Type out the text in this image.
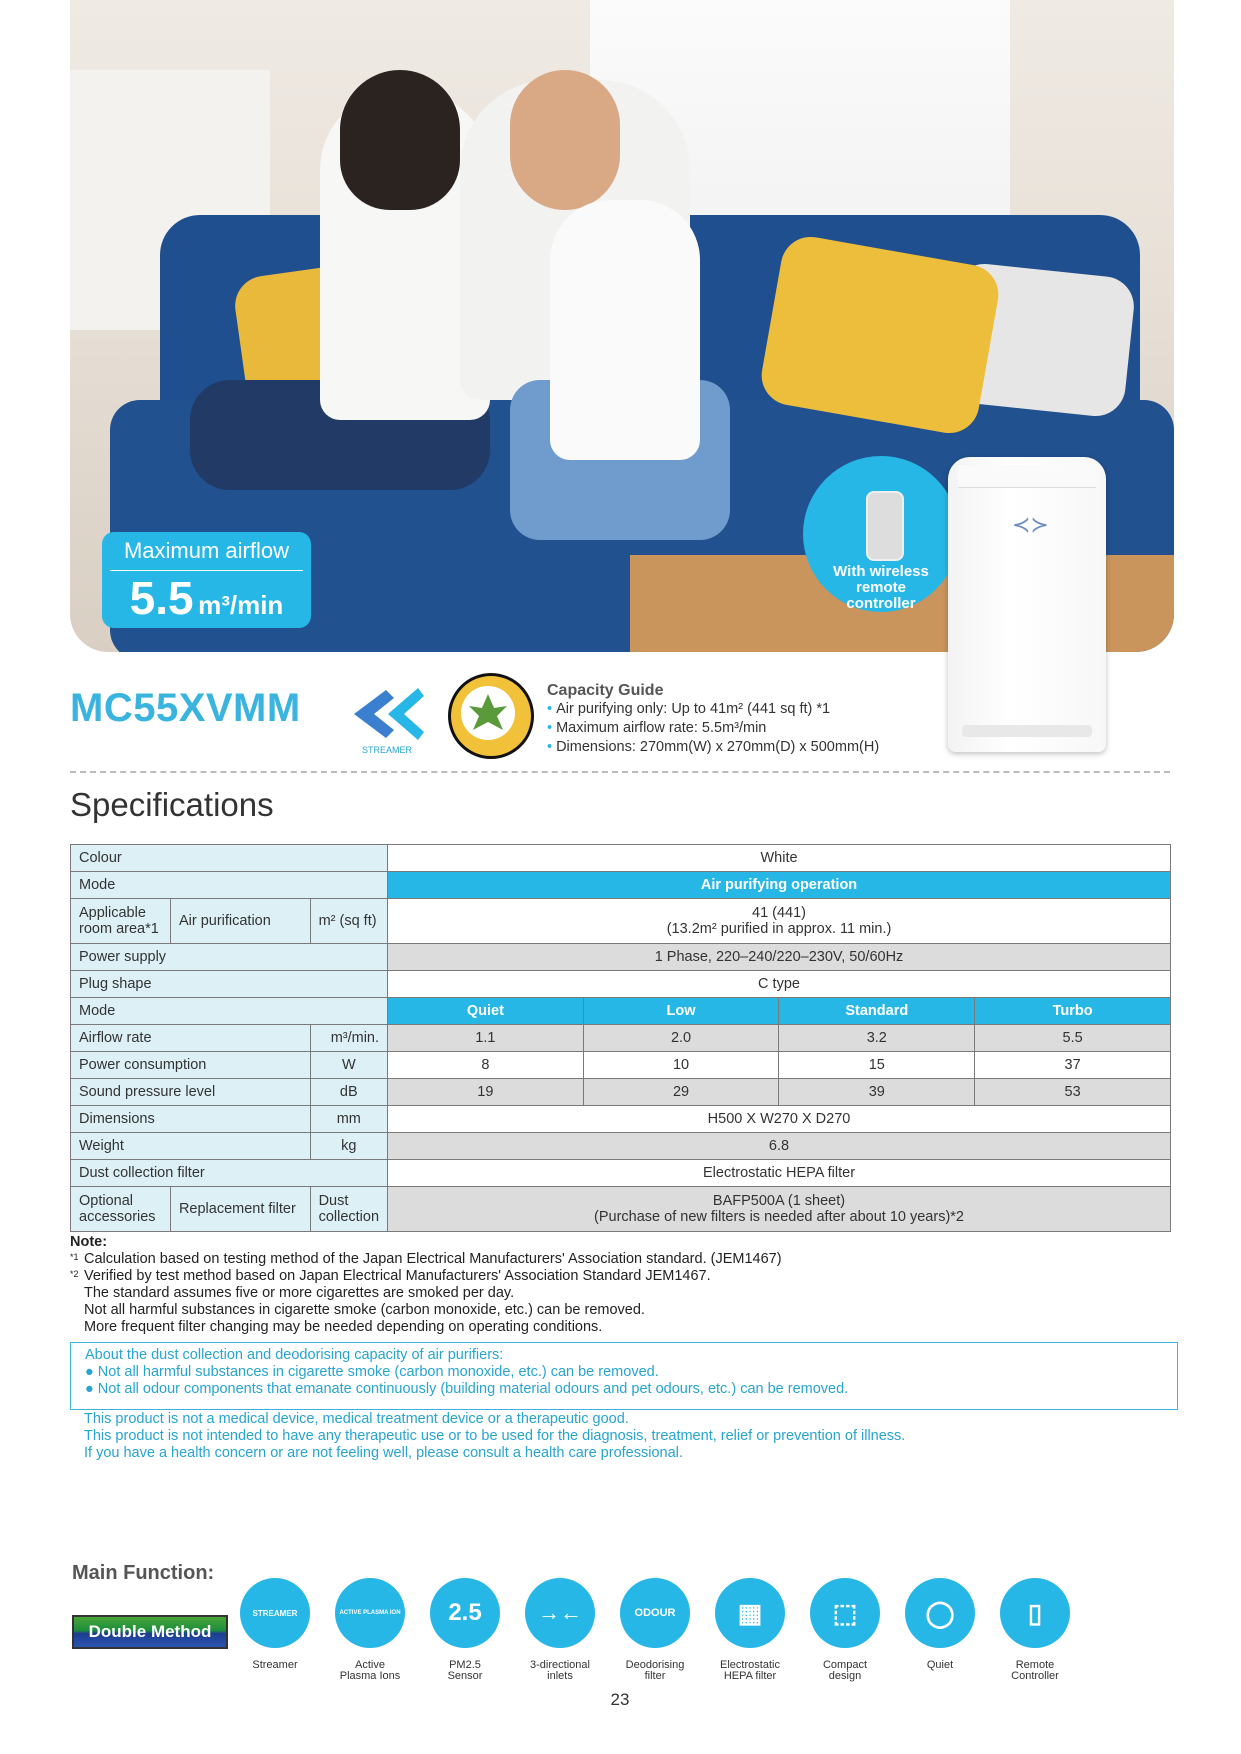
Maximum airflow
5.5 m³/min
With wireless
remote
controller
≺≻
MC55XVMM
STREAMER
Capacity Guide
• Air purifying only: Up to 41m² (441 sq ft) *1
• Maximum airflow rate: 5.5m³/min
• Dimensions: 270mm(W) x 270mm(D) x 500mm(H)
Specifications
Colour			White			
Mode			Air purifying operation			
Applicable room area*1	Air purification	m² (sq ft)	41 (441)
(13.2m² purified in approx. 11 min.)			

Power supply			1 Phase, 220–240/220–230V, 50/60Hz			
Plug shape			C type			
Mode			Quiet	Low	Standard	Turbo
Airflow rate		m³/min.	1.1	2.0	3.2	5.5
Power consumption		W	8	10	15	37
Sound pressure level		dB	19	29	39	53
Dimensions		mm	H500 X W270 X D270			
Weight		kg	6.8			
Dust collection filter			Electrostatic HEPA filter			
Optional accessories	Replacement filter	Dust collection	BAFP500A (1 sheet)
(Purchase of new filters is needed after about 10 years)*2			
Note:
*1 Calculation based on testing method of the Japan Electrical Manufacturers' Association standard. (JEM1467)
*2 Verified by test method based on Japan Electrical Manufacturers' Association Standard JEM1467.
The standard assumes five or more cigarettes are smoked per day.
Not all harmful substances in cigarette smoke (carbon monoxide, etc.) can be removed.
More frequent filter changing may be needed depending on operating conditions.
About the dust collection and deodorising capacity of air purifiers:
● Not all harmful substances in cigarette smoke (carbon monoxide, etc.) can be removed.
● Not all odour components that emanate continuously (building material odours and pet odours, etc.) can be removed.
This product is not a medical device, medical treatment device or a therapeutic good.
This product is not intended to have any therapeutic use or to be used for the diagnosis, treatment, relief or prevention of illness.
If you have a health concern or are not feeling well, please consult a health care professional.
Main Function:
Double Method
STREAMER
Streamer
ACTIVE PLASMA ION
Active
Plasma Ions
2.5
PM2.5
Sensor
→←
3-directional
inlets
ODOUR
Deodorising
filter
▦
Electrostatic
HEPA filter
⬚
Compact
design
◯
Quiet
▯
Remote
Controller
23
